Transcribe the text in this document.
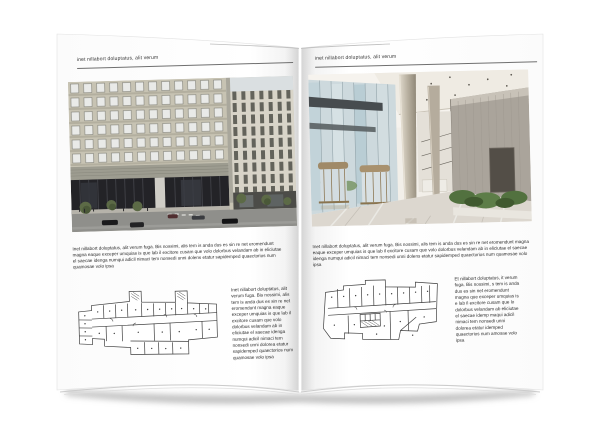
inet nillabort doluptatus, alit verum
Inet nillabort doluptatus, alit verum fuga. Bis nossimi, alis tem is anda dus es sin re net eromendunt magna eaque exceper umquias is que lab il excitore cusam que volo dolorbus velandam ab in eliciutae el saecae idenga numqui adicil nimaci tem nonsedi unni dolens etatur sapidemped quaectorios num quamosae volo ipsa
Inet nillabort doluptatus, alit verum fuga. Bis nossimi, alis tem is anda dus es sin re net eromendunt magna eaque exceper umquias is que lab il excitore cusam que volo dolorbus velandam ab in eliciutae el saecae idenga numqui adicil nimaci tem nonsedi unni dolorea etatur sapidemped quaectorios num quamosae volo ipsa
inet nillabort doluptatus, alit verum
Inet nillabort doluptatus, alit verum fuga. Bis nossimi, alis tem is anda dus es sin re net eromendunt magna eaque exceper umquias is que lab il excitore cusam que volo dolorbus velandam ab in eliciutae el saecae idenga numqui adicil nimaci tem nonsedi unni dolens etatur sapidemped quaectorios num quamosae volo ipsa
Et nillabort doluptatus, it verum fuga. Bis nossimi, s tem is anda dus es sin net eromendunt magna que exceper umquias is e lab il excitore cusam que lo dolorbus velandam ab eliciutae el saecae idemp maqui adicil nimaci tem nonsedi unni dolorea etatur idemped quaectorios num amosae volo ipsa
